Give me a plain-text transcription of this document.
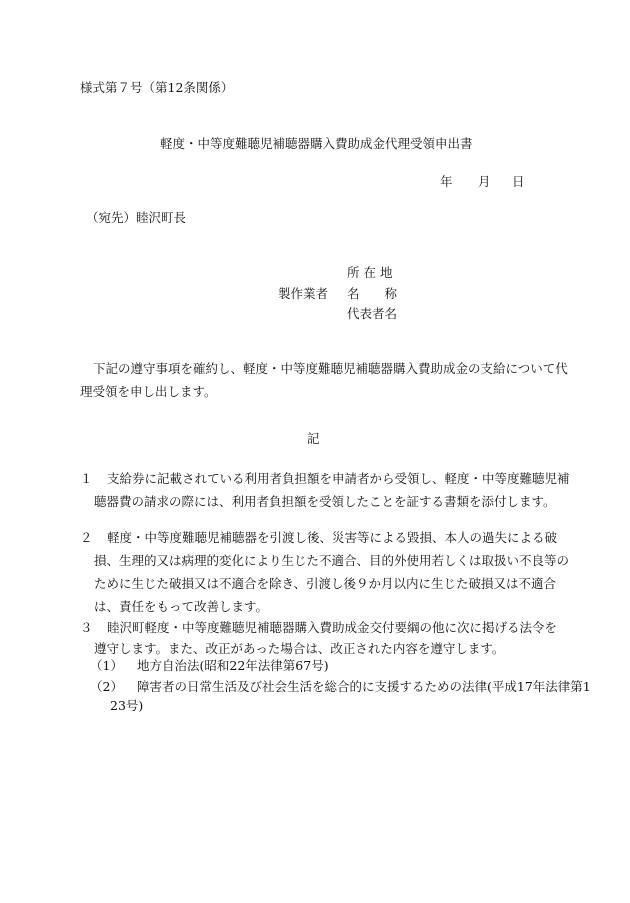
様式第７号（第12条関係）
軽度・中等度難聴児補聴器購入費助成金代理受領申出書
年 月 日
（宛先）睦沢町長
所 在 地
製作業者 名　　称
代表者名
下記の遵守事項を確約し、軽度・中等度難聴児補聴器購入費助成金の支給について代
理受領を申し出します。
記
１ 支給券に記載されている利用者負担額を申請者から受領し、軽度・中等度難聴児補
聴器費の請求の際には、利用者負担額を受領したことを証する書類を添付します。
２ 軽度・中等度難聴児補聴器を引渡し後、災害等による毀損、本人の過失による破
損、生理的又は病理的変化により生じた不適合、目的外使用若しくは取扱い不良等の
ために生じた破損又は不適合を除き、引渡し後９か月以内に生じた破損又は不適合
は、責任をもって改善します。
３ 睦沢町軽度・中等度難聴児補聴器購入費助成金交付要綱の他に次に掲げる法令を
遵守します。また、改正があった場合は、改正された内容を遵守します。
（1） 地方自治法(昭和22年法律第67号)
（2） 障害者の日常生活及び社会生活を総合的に支援するための法律(平成17年法律第1
23号)
